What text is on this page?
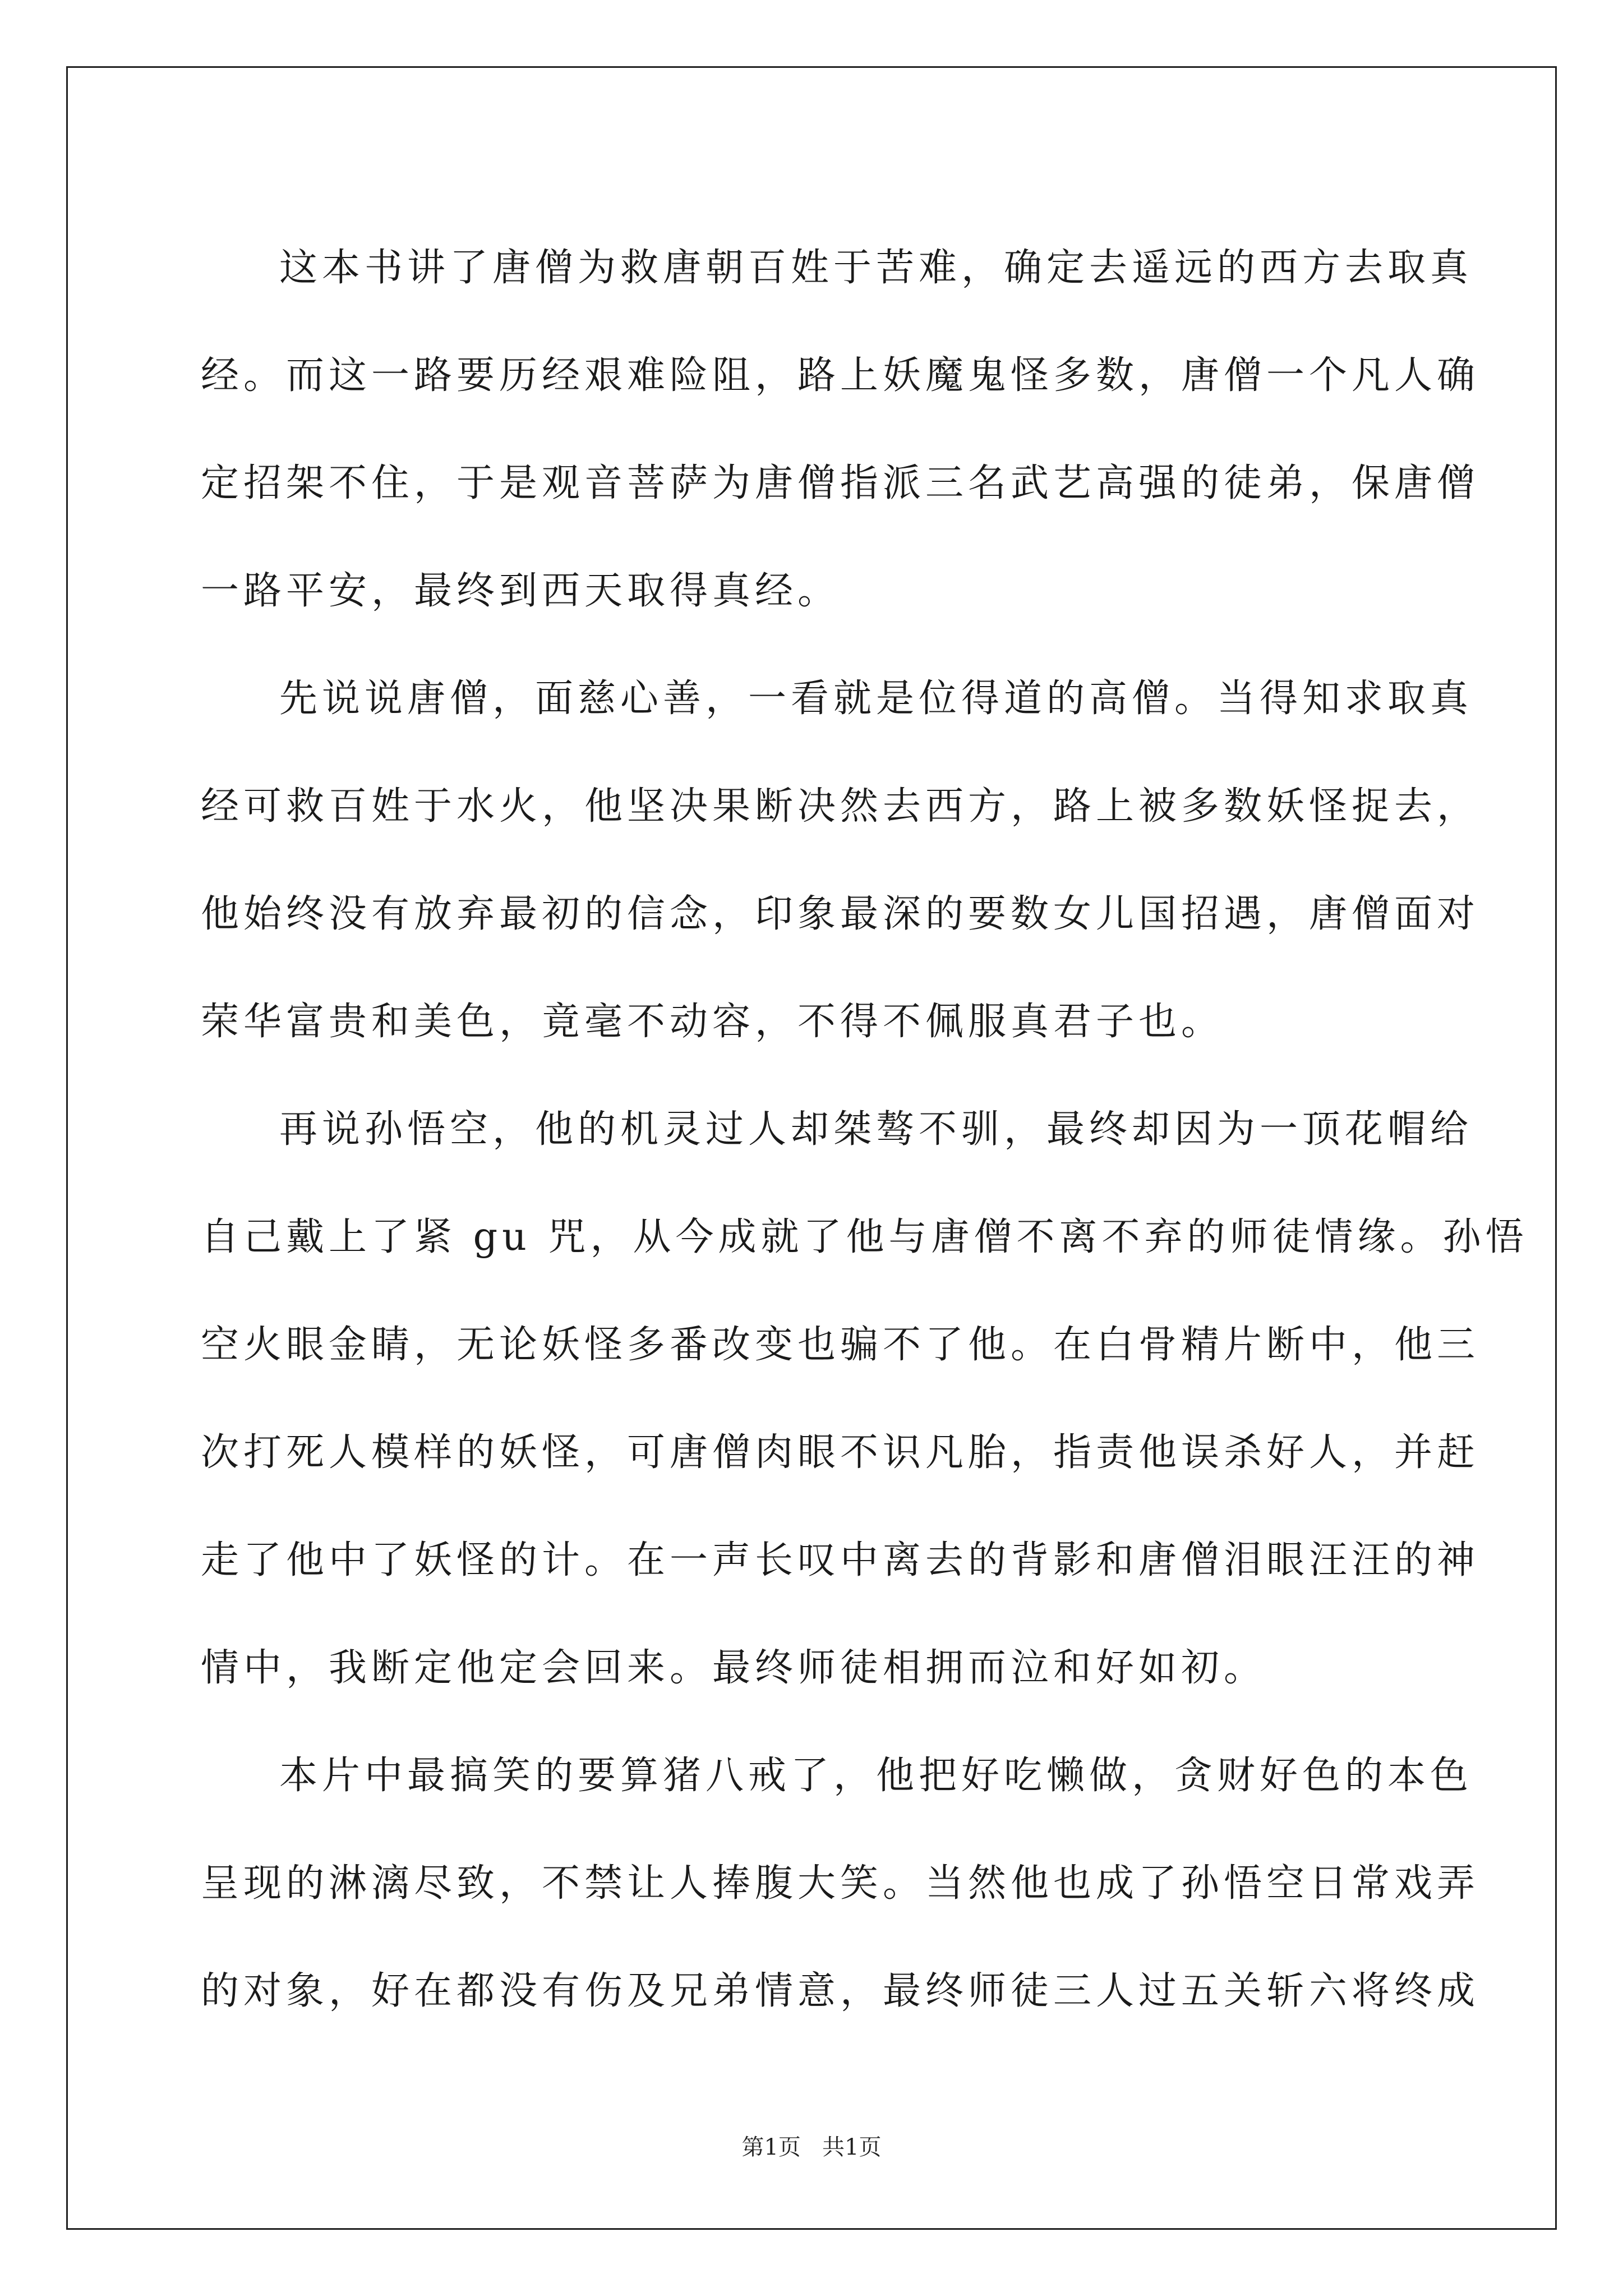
这本书讲了唐僧为救唐朝百姓于苦难，确定去遥远的西方去取真
经。而这一路要历经艰难险阻，路上妖魔鬼怪多数，唐僧一个凡人确
定招架不住，于是观音菩萨为唐僧指派三名武艺高强的徒弟，保唐僧
一路平安，最终到西天取得真经。
先说说唐僧，面慈心善，一看就是位得道的高僧。当得知求取真
经可救百姓于水火，他坚决果断决然去西方，路上被多数妖怪捉去，
他始终没有放弃最初的信念，印象最深的要数女儿国招遇，唐僧面对
荣华富贵和美色，竟毫不动容，不得不佩服真君子也。
再说孙悟空，他的机灵过人却桀骜不驯，最终却因为一顶花帽给
自己戴上了紧 gu 咒，从今成就了他与唐僧不离不弃的师徒情缘。孙悟
空火眼金睛，无论妖怪多番改变也骗不了他。在白骨精片断中，他三
次打死人模样的妖怪，可唐僧肉眼不识凡胎，指责他误杀好人，并赶
走了他中了妖怪的计。在一声长叹中离去的背影和唐僧泪眼汪汪的神
情中，我断定他定会回来。最终师徒相拥而泣和好如初。
本片中最搞笑的要算猪八戒了，他把好吃懒做，贪财好色的本色
呈现的淋漓尽致，不禁让人捧腹大笑。当然他也成了孙悟空日常戏弄
的对象，好在都没有伤及兄弟情意，最终师徒三人过五关斩六将终成
第1页   共1页
